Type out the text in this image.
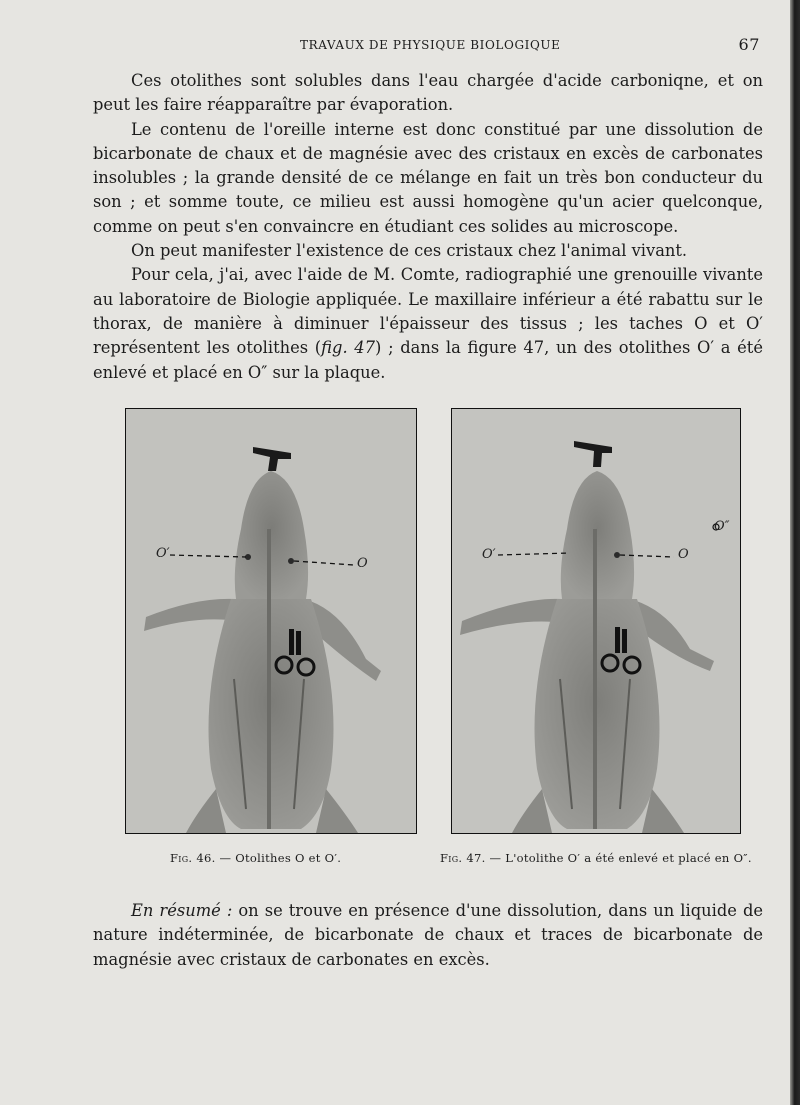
TRAVAUX DE PHYSIQUE BIOLOGIQUE	67

Ces otolithes sont solubles dans l'eau chargée d'acide carboniqne, et on peut les faire réapparaître par évaporation.

Le contenu de l'oreille interne est donc constitué par une dissolution de bicarbonate de chaux et de magnésie avec des cristaux en excès de carbonates insolubles ; la grande densité de ce mélange en fait un très bon conducteur du son ; et somme toute, ce milieu est aussi homogène qu'un acier quelconque, comme on peut s'en convaincre en étudiant ces solides au microscope.

On peut manifester l'existence de ces cristaux chez l'animal vivant.

Pour cela, j'ai, avec l'aide de M. Comte, radiographié une grenouille vivante au laboratoire de Biologie appliquée. Le maxillaire inférieur a été rabattu sur le thorax, de manière à diminuer l'épaisseur des tissus ; les taches O et O′ représentent les otolithes (fig. 47) ; dans la figure 47, un des otolithes O′ a été enlevé et placé en O″ sur la plaque.

O′
O
O′	O
O″
Fig. 46. — Otolithes O et O′.	Fig. 47. — L'otolithe O′ a été enlevé et placé en O″.

En résumé : on se trouve en présence d'une dissolution, dans un liquide de nature indéterminée, de bicarbonate de chaux et traces de bicarbonate de magnésie avec cristaux de carbonates en excès.
